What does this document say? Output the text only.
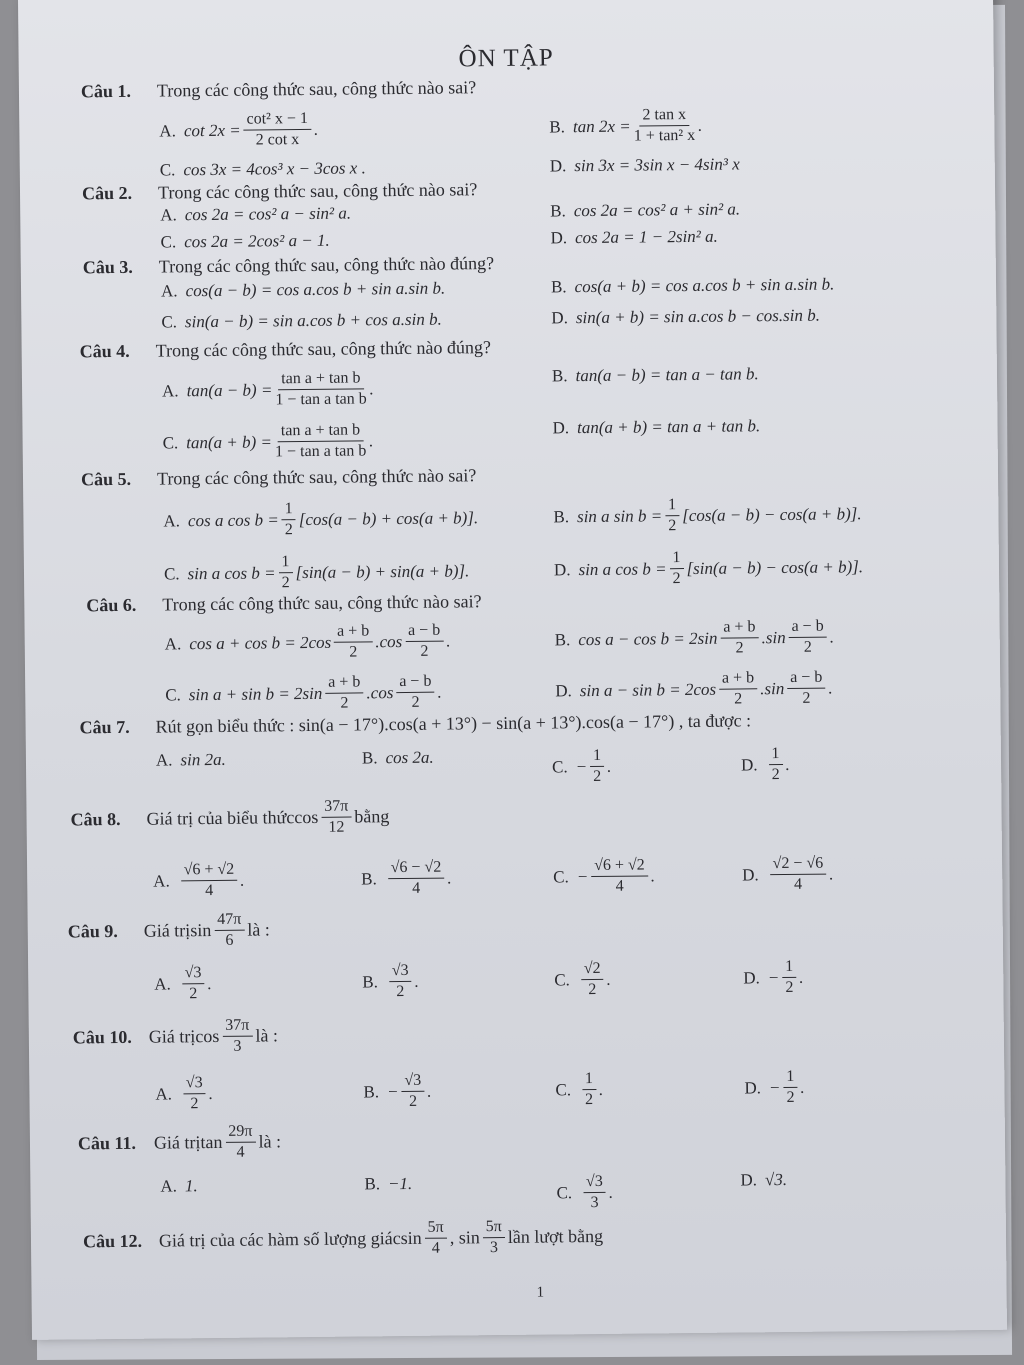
ÔN TẬP
Câu 1.	Trong các công thức sau, công thức nào sai?
A. $\cot 2x = \frac{\text{cot² x − 1}}{\text{2 cot x}}$ .	B. $\tan 2x = \frac{\text{2 tan x}}{\text{1 + tan² x}}$ .
C. cos 3x = 4cos³ x − 3cos x .	D. sin 3x = 3sin x − 4sin³ x
Câu 2.	Trong các công thức sau, công thức nào sai?
A. cos 2a = cos² a − sin² a.	B. cos 2a = cos² a + sin² a.
C. cos 2a = 2cos² a − 1.	D. cos 2a = 1 − 2sin² a.
Câu 3.	Trong các công thức sau, công thức nào đúng?
A. cos(a − b) = cos a.cos b + sin a.sin b.	B. cos(a + b) = cos a.cos b + sin a.sin b.
C. sin(a − b) = sin a.cos b + cos a.sin b.	D. sin(a + b) = sin a.cos b − cos.sin b.
Câu 4.	Trong các công thức sau, công thức nào đúng?
A. $\tan(a - b) = \frac{\text{tan a + tan b}}{\text{1 − tan a tan b}}$ .
B. tan(a − b) = tan a − tan b.
C. $\tan(a + b) = \frac{\text{tan a + tan b}}{\text{1 − tan a tan b}}$ .
D. tan(a + b) = tan a + tan b.
Câu 5.	Trong các công thức sau, công thức nào sai?
A. cos a $\cos b = \frac{1}{2} [\cos(a - b) + \cos(a + b)]$.	B. sin a $\sin b = \frac{1}{2} [\cos(a - b) - \cos(a + b)]$.
C. sin a $\cos b = \frac{1}{2} [\sin(a - b) + \sin(a + b)]$.	D. sin a $\cos b = \frac{1}{2} [\sin(a - b) - \cos(a + b)]$.
Câu 6.	Trong các công thức sau, công thức nào sai?
A. $\cos a + \cos b = 2\cos \frac{a + b}{2} .\cos \frac{a - b}{2}$ .	B. $\cos a - \cos b = 2\sin \frac{a + b}{2} .\sin \frac{a - b}{2}$ .
C. $\sin a + \sin b = 2\sin \frac{a + b}{2} .\cos \frac{a - b}{2}$ .	D. $\sin a - \sin b = 2\cos \frac{a + b}{2} .\sin \frac{a - b}{2}$ .
Câu 7.	Rút gọn biểu thức : sin(a − 17°).cos(a + 13°) − sin(a + 13°).cos(a − 17°) , ta được :
A. sin 2a.	B. cos 2a.	C. − $\frac{1}{2}$ .	D. $\frac{1}{2}$ .
Câu 8.	Giá trị của biểu thức $\cos \frac{37\pi}{12}$ bằng
A. $\frac{√6 + √2}{4}$ .	B. $\frac{√6 - √2}{4}$ .	C. − $\frac{√6 + √2}{4}$ .	D. $\frac{√2 - √6}{4}$ .
Câu 9.	Giá trị $\sin \frac{47\pi}{6}$ là :
A. $\frac{√3}{2}$ .	B. $\frac{√3}{2}$ .	C. $\frac{√2}{2}$ .	D. − $\frac{1}{2}$ .
Câu 10. Giá trị $\cos \frac{37\pi}{3}$ là :
A. $\frac{√3}{2}$ .	B. − $\frac{√3}{2}$ .	C. $\frac{1}{2}$ .	D. − $\frac{1}{2}$ .
Câu 11. Giá trị $\tan \frac{29\pi}{4}$ là :
A. 1.	B. −1.	C. $\frac{√3}{3}$ .
D. √3.
Câu 12. Giá trị của các hàm số lượng giác $\sin \frac{5\pi}{4}$ , $\sin \frac{5\pi}{3}$ lần lượt bằng
1
